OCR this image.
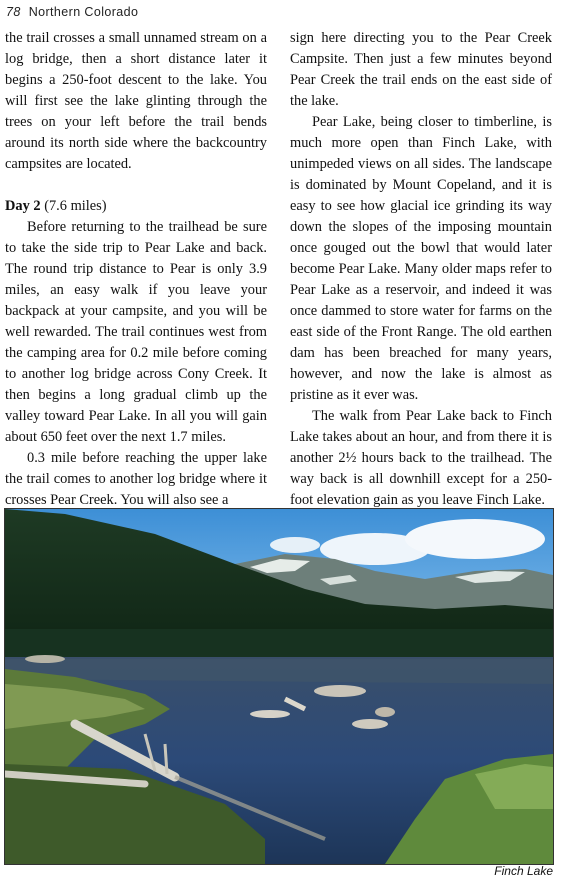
78 Northern Colorado

the trail crosses a small unnamed stream on a log bridge, then a short distance later it begins a 250-foot descent to the lake. You will first see the lake glinting through the trees on your left before the trail bends around its north side where the backcountry campsites are located.

Day 2 (7.6 miles)

Before returning to the trailhead be sure to take the side trip to Pear Lake and back. The round trip distance to Pear is only 3.9 miles, an easy walk if you leave your backpack at your campsite, and you will be well rewarded. The trail continues west from the camping area for 0.2 mile before coming to another log bridge across Cony Creek. It then begins a long gradual climb up the valley toward Pear Lake. In all you will gain about 650 feet over the next 1.7 miles.

0.3 mile before reaching the upper lake the trail comes to another log bridge where it crosses Pear Creek. You will also see a

sign here directing you to the Pear Creek Campsite. Then just a few minutes beyond Pear Creek the trail ends on the east side of the lake.

Pear Lake, being closer to timberline, is much more open than Finch Lake, with unimpeded views on all sides. The landscape is dominated by Mount Copeland, and it is easy to see how glacial ice grinding its way down the slopes of the imposing mountain once gouged out the bowl that would later become Pear Lake. Many older maps refer to Pear Lake as a reservoir, and indeed it was once dammed to store water for farms on the east side of the Front Range. The old earthen dam has been breached for many years, however, and now the lake is almost as pristine as it ever was.

The walk from Pear Lake back to Finch Lake takes about an hour, and from there it is another 2½ hours back to the trailhead. The way back is all downhill except for a 250-foot elevation gain as you leave Finch Lake.

Finch Lake
